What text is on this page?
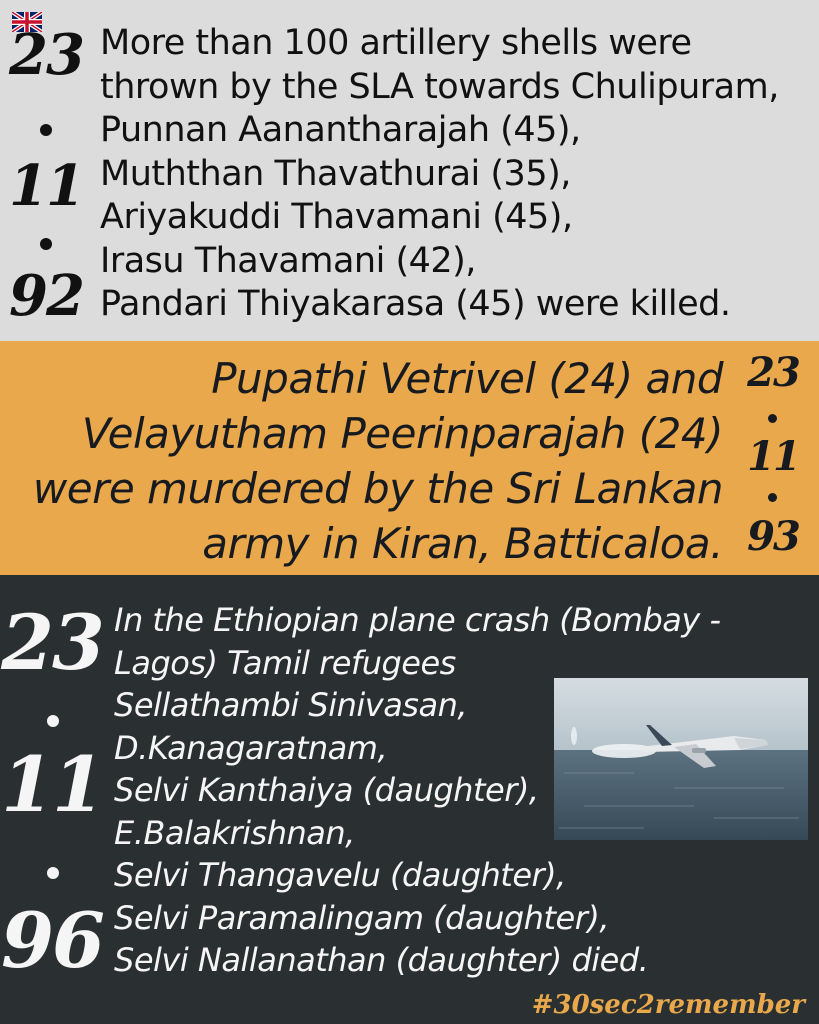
23
11
92
More than 100 artillery shells were
thrown by the SLA towards Chulipuram,
Punnan Aanantharajah (45),
Muththan Thavathurai (35),
Ariyakuddi Thavamani (45),
Irasu Thavamani (42),
Pandari Thiyakarasa (45) were killed.
Pupathi Vetrivel (24) and
Velayutham Peerinparajah (24)
were murdered by the Sri Lankan
army in Kiran, Batticaloa.
23
11
93
23
11
96
In the Ethiopian plane crash (Bombay -
Lagos) Tamil refugees
Sellathambi Sinivasan,
D.Kanagaratnam,
Selvi Kanthaiya (daughter),
E.Balakrishnan,
Selvi Thangavelu (daughter),
Selvi Paramalingam (daughter),
Selvi Nallanathan (daughter) died.
#30sec2remember
